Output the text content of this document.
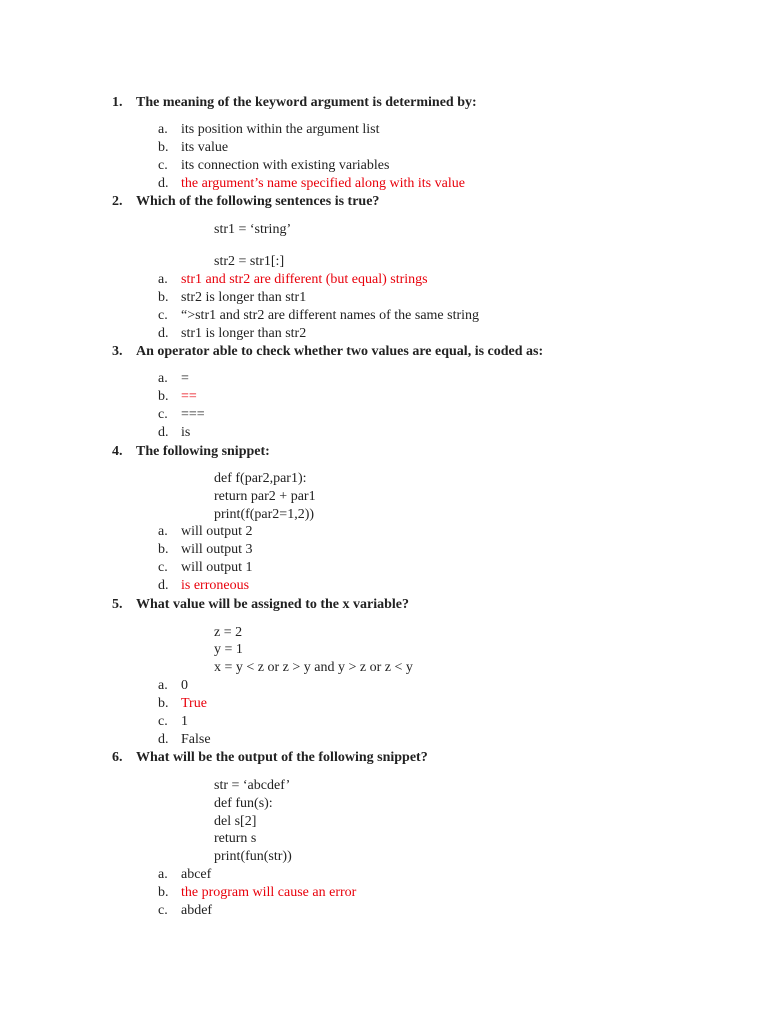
1. The meaning of the keyword argument is determined by:
a. its position within the argument list
b. its value
c. its connection with existing variables
d. the argument’s name specified along with its value
2. Which of the following sentences is true?
str1 = ‘string’
str2 = str1[:]
a. str1 and str2 are different (but equal) strings
b. str2 is longer than str1
c. “>str1 and str2 are different names of the same string
d. str1 is longer than str2
3. An operator able to check whether two values are equal, is coded as:
a. =
b. ==
c. ===
d. is
4. The following snippet:
def f(par2,par1):
return par2 + par1
print(f(par2=1,2))
a. will output 2
b. will output 3
c. will output 1
d. is erroneous
5. What value will be assigned to the x variable?
z = 2
y = 1
x = y < z or z > y and y > z or z < y
a. 0
b. True
c. 1
d. False
6. What will be the output of the following snippet?
str = ‘abcdef’
def fun(s):
del s[2]
return s
print(fun(str))
a. abcef
b. the program will cause an error
c. abdef
